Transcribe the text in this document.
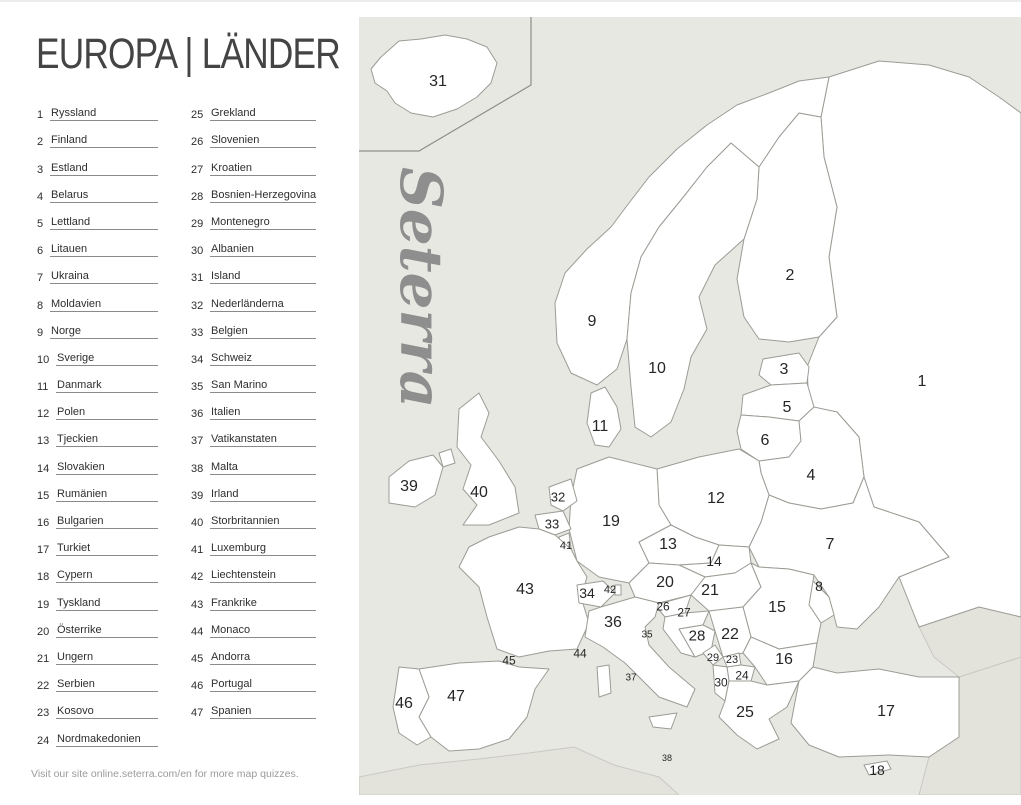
EUROPA | LÄNDER
1 Ryssland
2 Finland
3 Estland
4 Belarus
5 Lettland
6 Litauen
7 Ukraina
8 Moldavien
9 Norge
10 Sverige
11 Danmark
12 Polen
13 Tjeckien
14 Slovakien
15 Rumänien
16 Bulgarien
17 Turkiet
18 Cypern
19 Tyskland
20 Österrike
21 Ungern
22 Serbien
23 Kosovo
24 Nordmakedonien
25 Grekland
26 Slovenien
27 Kroatien
28 Bosnien-Herzegovina
29 Montenegro
30 Albanien
31 Island
32 Nederländerna
33 Belgien
34 Schweiz
35 San Marino
36 Italien
37 Vatikanstaten
38 Malta
39 Irland
40 Storbritannien
41 Luxemburg
42 Liechtenstein
43 Frankrike
44 Monaco
45 Andorra
46 Portugal
47 Spanien
Visit our site online.seterra.com/en for more map quizzes.
Seterra	1
2
3
4
5
6
7
8
9
10
11
12
13
14
15
16
17
18
19
20 21
22
23
24
25
26 27
28
29
30
31
32
33
34
35
36
37
38
39	40
41
42
43
44
45
46 47
